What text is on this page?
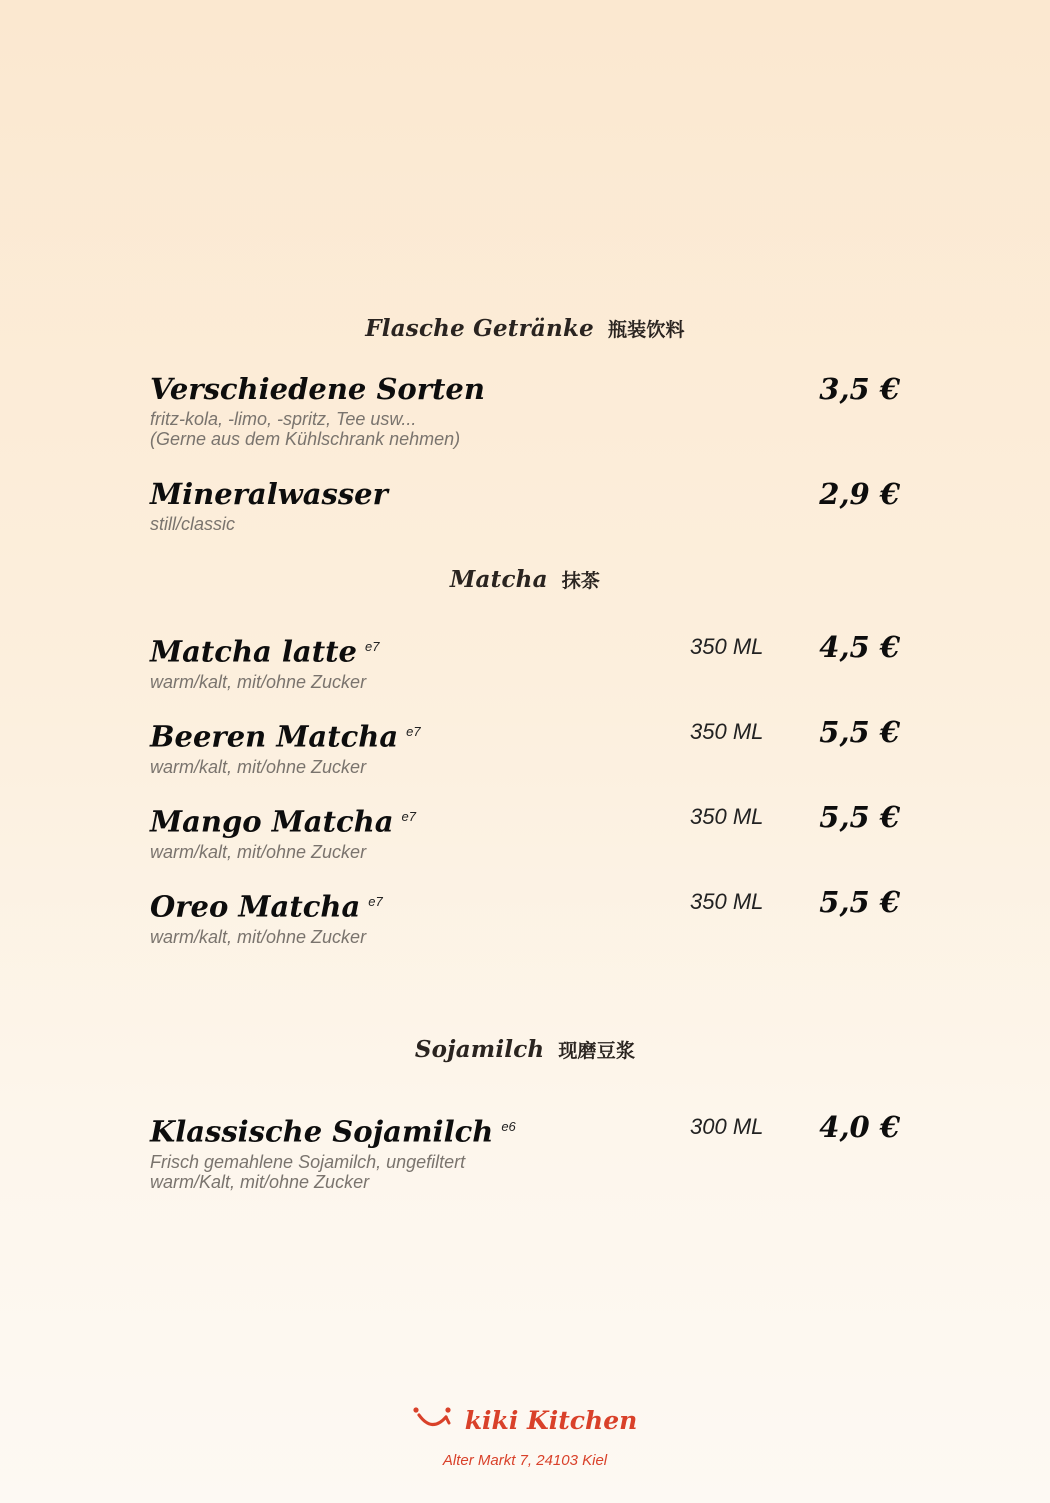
Flasche Getränke 瓶装饮料
Verschiedene Sorten	3,5 €
fritz-kola, -limo, -spritz, Tee usw...
(Gerne aus dem Kühlschrank nehmen)
Mineralwasser	2,9 €
still/classic
Matcha 抹茶
Matcha latte $^{e7}$	350 ML 4,5 €
warm/kalt, mit/ohne Zucker
Beeren Matcha $^{e7}$	350 ML 5,5 €
warm/kalt, mit/ohne Zucker
Mango Matcha $^{e7}$	350 ML 5,5 €
warm/kalt, mit/ohne Zucker
Oreo Matcha $^{e7}$	350 ML 5,5 €
warm/kalt, mit/ohne Zucker
Sojamilch 现磨豆浆
Klassische Sojamilch $^{e6}$	300 ML 4,0 €
Frisch gemahlene Sojamilch, ungefiltert
warm/Kalt, mit/ohne Zucker
kiki Kitchen
Alter Markt 7, 24103 Kiel
